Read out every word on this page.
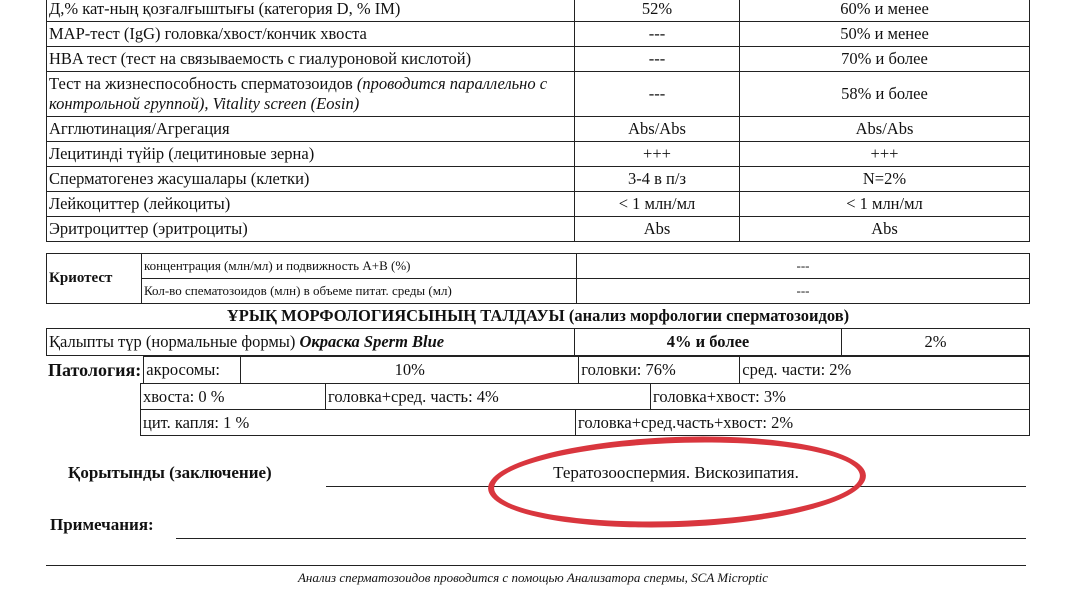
Д,% кат-ның қозғалғыштығы (категория D, % IM)	52%	60% и менее
МАР-тест (IgG) головка/хвост/кончик хвоста	---	50% и менее
HBA тест (тест на связываемость с гиалуроновой кислотой)	---	70% и более
Тест на жизнеспособность сперматозоидов (проводится параллельно с контрольной группой), Vitality screen (Eosin)	---	58% и более
Агглютинация/Агрегация	Abs/Abs	Abs/Abs
Лецитинді түйір (лецитиновые зерна)	+++	+++
Сперматогенез жасушалары (клетки)	3-4 в п/з	N=2%
Лейкоциттер (лейкоциты)	< 1 млн/мл	< 1 млн/мл
Эритроциттер (эритроциты)	Abs	Abs
Криотест	концентрация (млн/мл) и подвижность А+В (%)	---
	Кол-во спематозоидов (млн) в объеме питат. среды (мл)	---
ҰРЫҚ МОРФОЛОГИЯСЫНЫҢ ТАЛДАУЫ (анализ морфологии сперматозоидов)
Қалыпты түр (нормальные формы) Окраска Sperm Blue	4% и более	2%
Патология:	акросомы:	10%	головки: 76%	сред. части: 2%
хвоста: 0 %	головка+сред. часть: 4%	головка+хвост: 3%
цит. капля: 1 %	головка+сред.часть+хвост: 2%
Қорытынды (заключение)	Тератозооспермия. Вискозипатия.
Примечания:
Анализ сперматозоидов проводится с помощью Анализатора спермы, SCA Microptic
